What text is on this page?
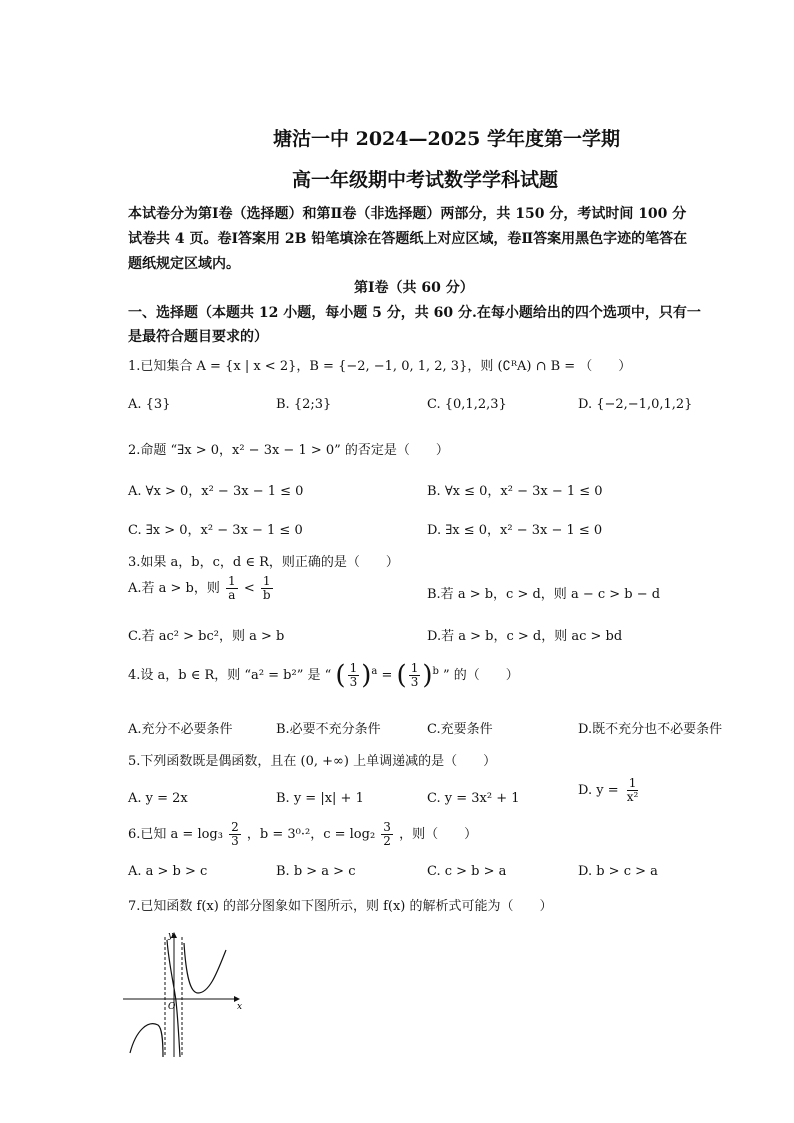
塘沽一中 2024—2025 学年度第一学期
高一年级期中考试数学学科试题
本试卷分为第Ⅰ卷（选择题）和第Ⅱ卷（非选择题）两部分，共 150 分，考试时间 100 分
试卷共 4 页。卷Ⅰ答案用 2B 铅笔填涂在答题纸上对应区域，卷Ⅱ答案用黑色字迹的笔答在
题纸规定区域内。
第Ⅰ卷（共 60 分）
一、选择题（本题共 12 小题，每小题 5 分，共 60 分.在每小题给出的四个选项中，只有一
是最符合题目要求的）
1.已知集合 A = {x | x < 2}，B = {−2, −1, 0, 1, 2, 3}，则 (∁ᴿA) ∩ B = （　　）
A. {3}	B. {2;3}	C. {0,1,2,3}	D. {−2,−1,0,1,2}
2.命题 “∃x > 0，x² − 3x − 1 > 0” 的否定是（　　）
A. ∀x > 0，x² − 3x − 1 ≤ 0	B. ∀x ≤ 0，x² − 3x − 1 ≤ 0
C. ∃x > 0，x² − 3x − 1 ≤ 0	D. ∃x ≤ 0，x² − 3x − 1 ≤ 0
3.如果 a，b，c，d ∈ R，则正确的是（　　）
A.若 a > b，则 $\frac{1}{a} < \frac{1}{b}$	B.若 a > b，c > d，则 a − c > b − d
C.若 ac² > bc²，则 a > b	D.若 a > b，c > d，则 ac > bd
4.设 a，b ∈ R，则 “a² = b²” 是 “ ( $\frac{1}{3} )^a$ = ( $\frac{1}{3} )^b$ ” 的（　　）
A.充分不必要条件	B.必要不充分条件	C.充要条件	D.既不充分也不必要条件
5.下列函数既是偶函数，且在 (0, +∞) 上单调递减的是（　　）
A. y = 2x	B. y = |x| + 1	C. y = 3x² + 1
D. $y = \frac{1}{\text{x²}}$
6.已知 $a = \log_3 \frac{2}{3}$ ，b = 3⁰·²，$c = \log_2 \frac{3}{2}$ ，则（　　）
A. a > b > c	B. b > a > c	C. c > b > a	D. b > c > a
7.已知函数 f(x) 的部分图象如下图所示，则 f(x) 的解析式可能为（　　）
y
x
O
